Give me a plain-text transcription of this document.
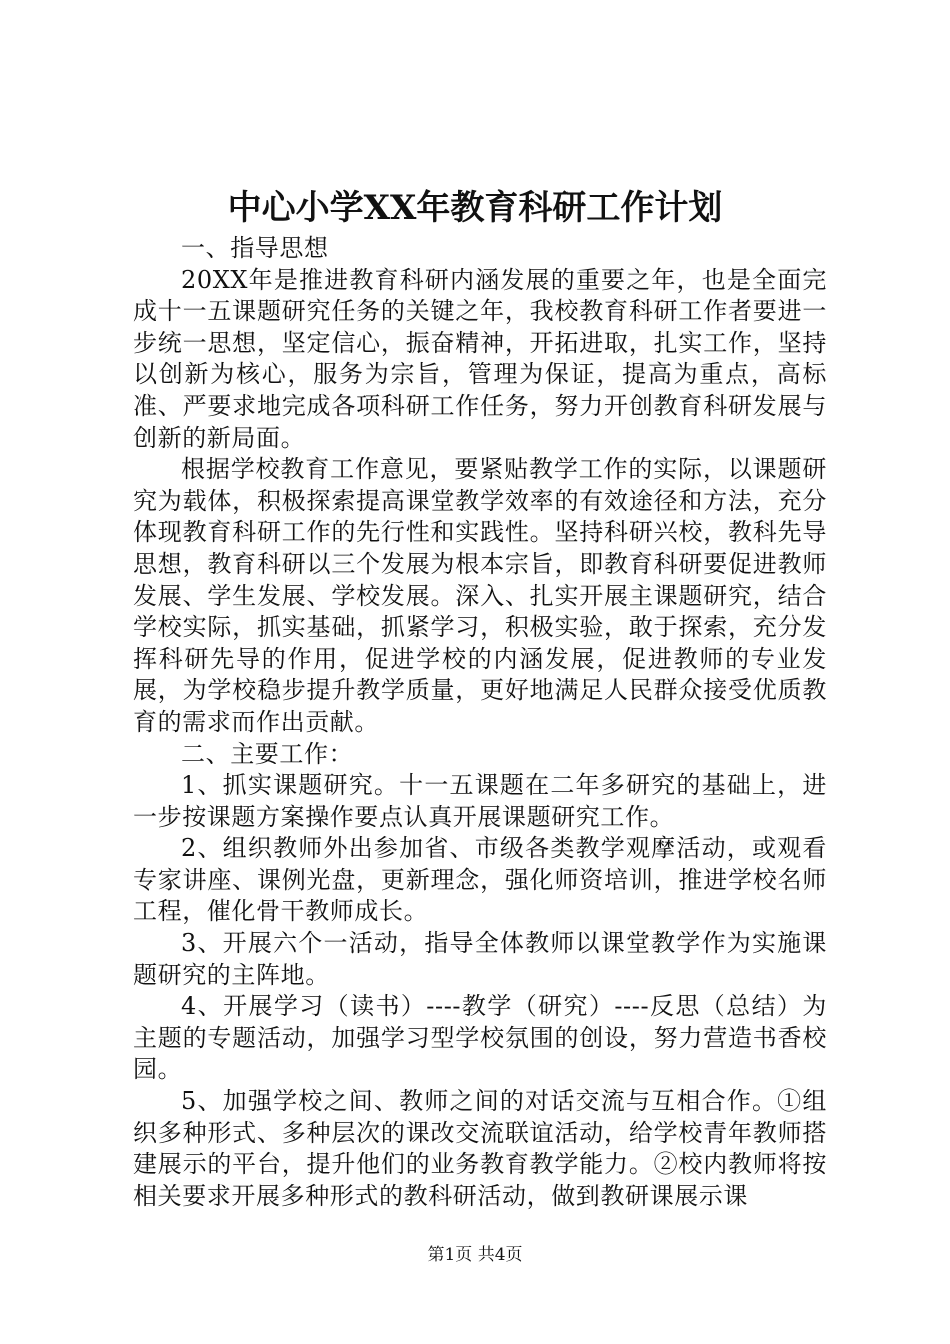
中心小学XX年教育科研工作计划

一、指导思想

20XX年是推进教育科研内涵发展的重要之年，也是全面完成十一五课题研究任务的关键之年，我校教育科研工作者要进一步统一思想，坚定信心，振奋精神，开拓进取，扎实工作，坚持以创新为核心，服务为宗旨，管理为保证，提高为重点，高标准、严要求地完成各项科研工作任务，努力开创教育科研发展与创新的新局面。

根据学校教育工作意见，要紧贴教学工作的实际，以课题研究为载体，积极探索提高课堂教学效率的有效途径和方法，充分体现教育科研工作的先行性和实践性。坚持科研兴校，教科先导思想，教育科研以三个发展为根本宗旨，即教育科研要促进教师发展、学生发展、学校发展。深入、扎实开展主课题研究，结合学校实际，抓实基础，抓紧学习，积极实验，敢于探索，充分发挥科研先导的作用，促进学校的内涵发展，促进教师的专业发展，为学校稳步提升教学质量，更好地满足人民群众接受优质教育的需求而作出贡献。

二、主要工作：

1、抓实课题研究。十一五课题在二年多研究的基础上，进一步按课题方案操作要点认真开展课题研究工作。

2、组织教师外出参加省、市级各类教学观摩活动，或观看专家讲座、课例光盘，更新理念，强化师资培训，推进学校名师工程，催化骨干教师成长。

3、开展六个一活动，指导全体教师以课堂教学作为实施课题研究的主阵地。

4、开展学习（读书）----教学（研究）----反思（总结）为主题的专题活动，加强学习型学校氛围的创设，努力营造书香校园。

5、加强学校之间、教师之间的对话交流与互相合作。①组织多种形式、多种层次的课改交流联谊活动，给学校青年教师搭建展示的平台，提升他们的业务教育教学能力。②校内教师将按相关要求开展多种形式的教科研活动，做到教研课展示课

第1页 共4页
